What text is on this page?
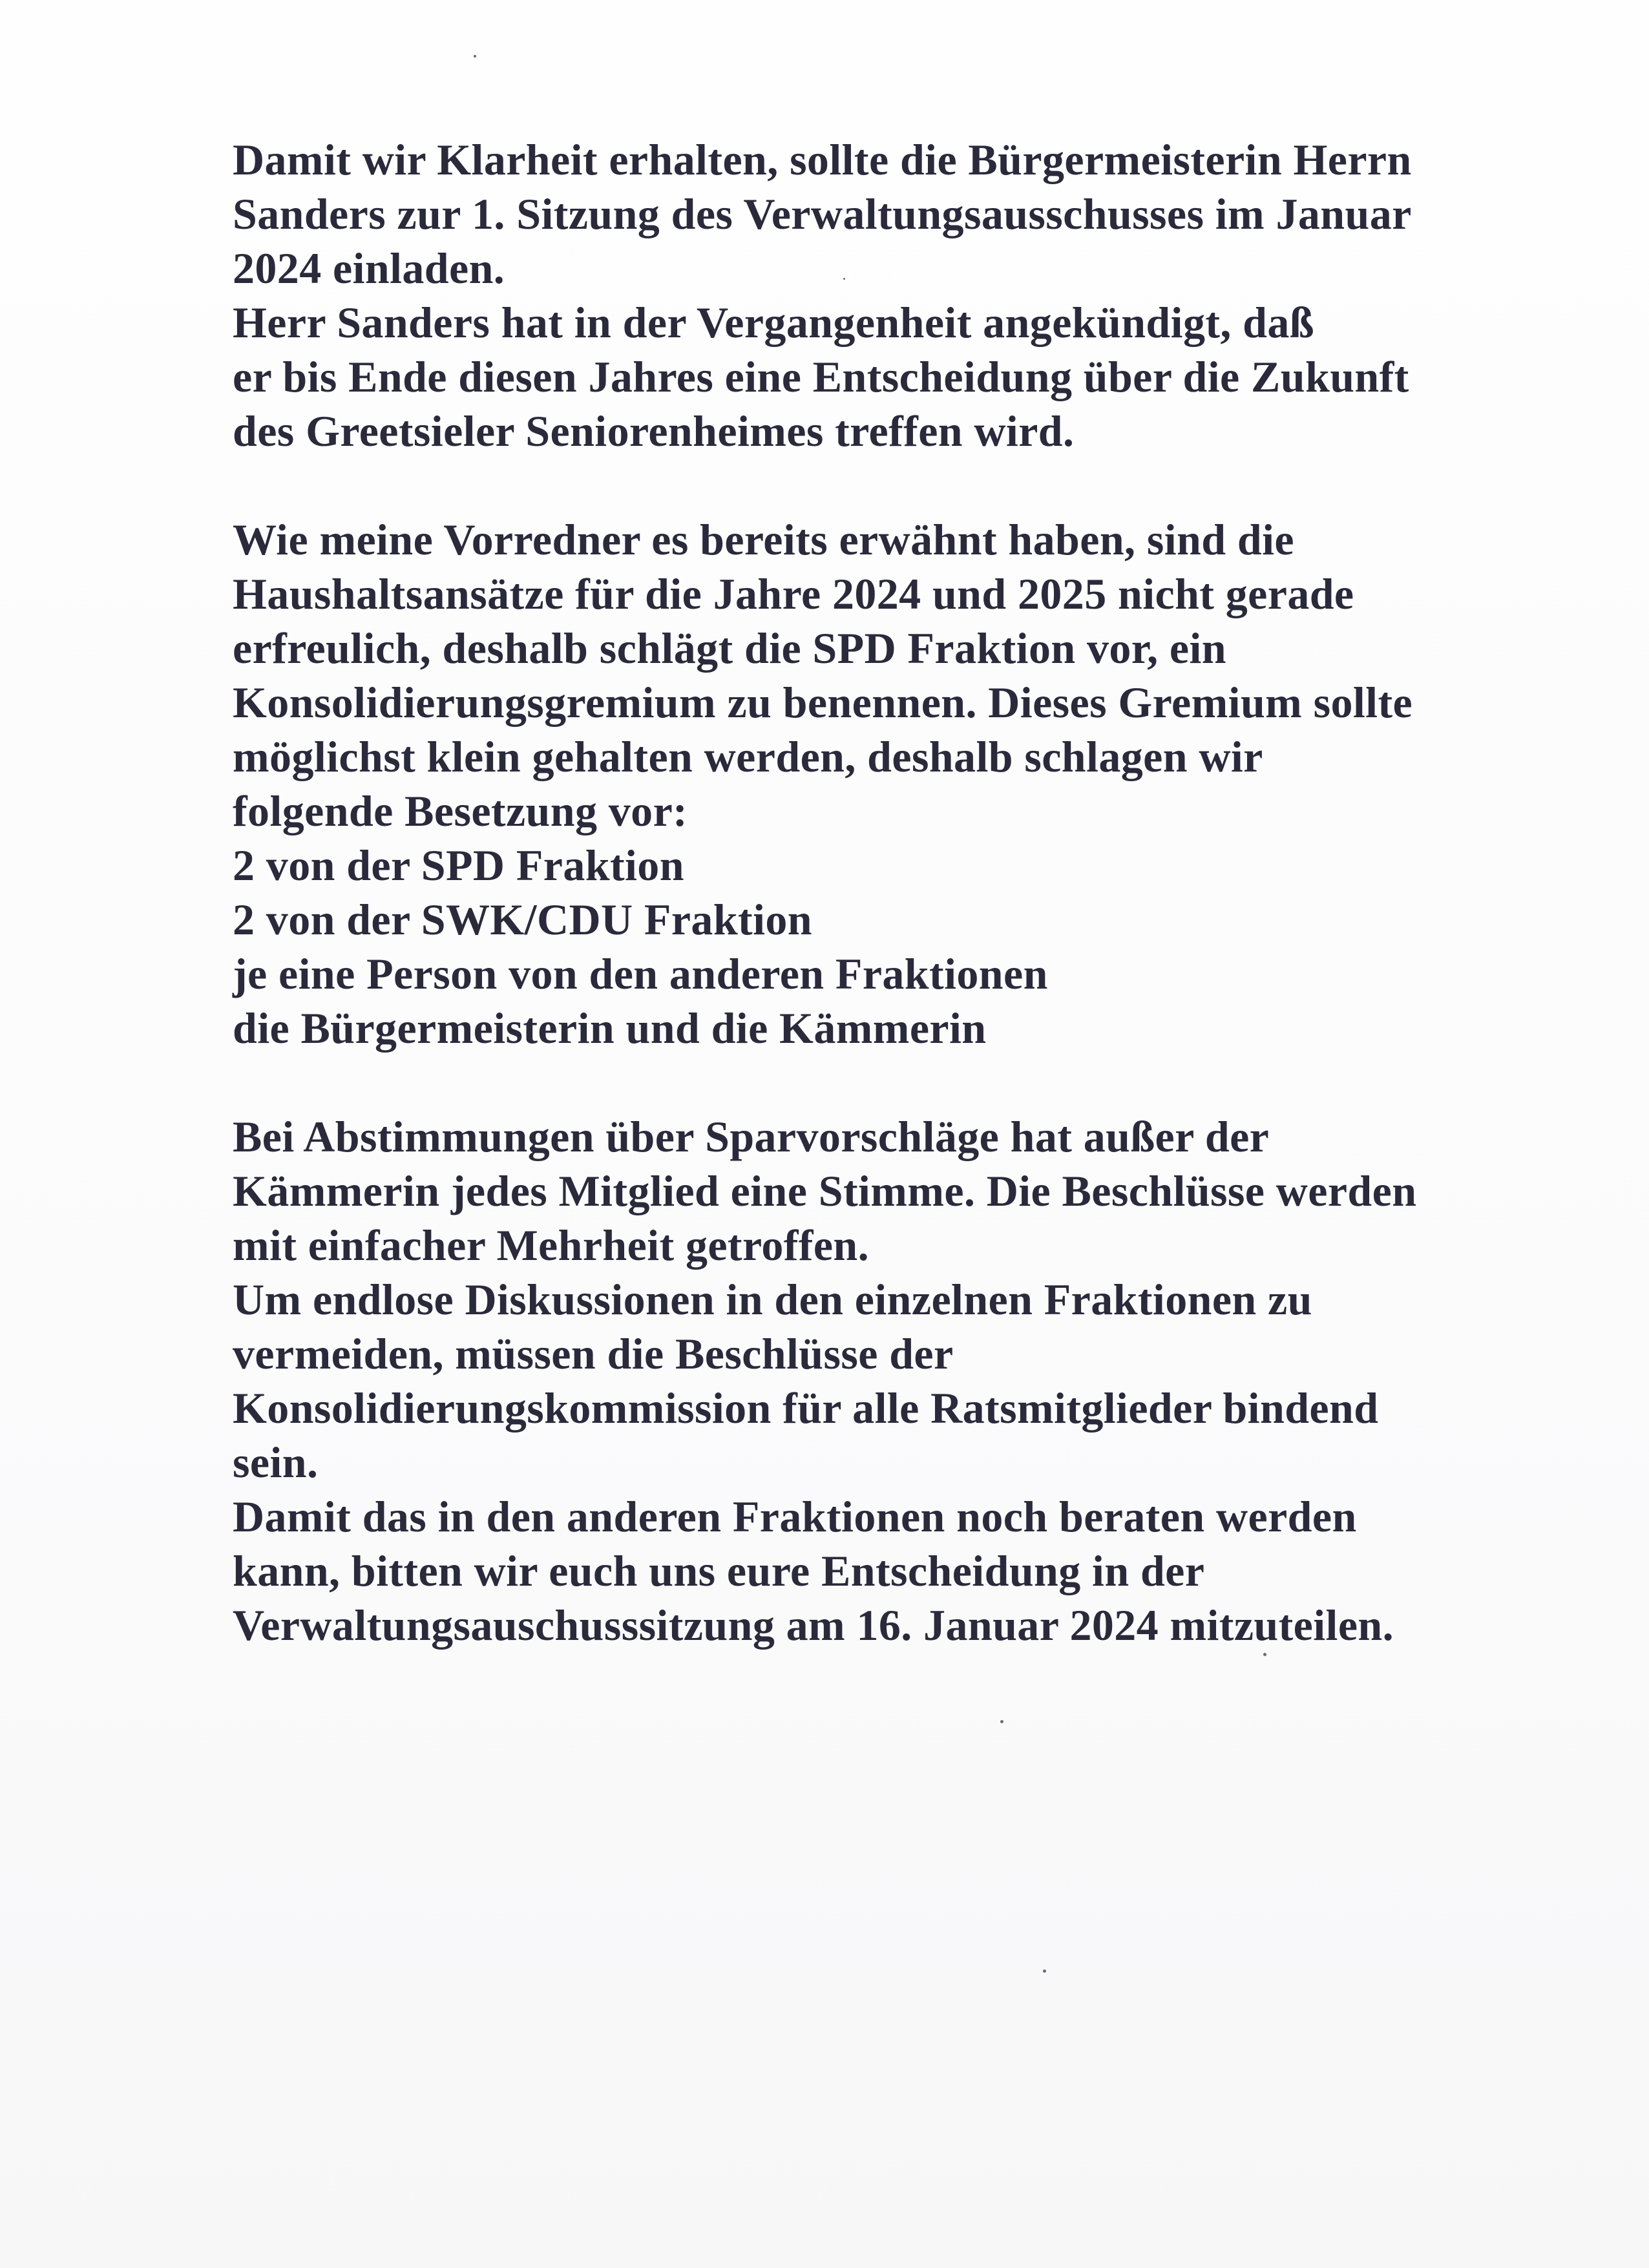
Damit wir Klarheit erhalten, sollte die Bürgermeisterin Herrn
Sanders zur 1. Sitzung des Verwaltungsausschusses im Januar
2024 einladen.
Herr Sanders hat in der Vergangenheit angekündigt, daß
er bis Ende diesen Jahres eine Entscheidung über die Zukunft
des Greetsieler Seniorenheimes treffen wird.

Wie meine Vorredner es bereits erwähnt haben, sind die
Haushaltsansätze für die Jahre 2024 und 2025 nicht gerade
erfreulich, deshalb schlägt die SPD Fraktion vor, ein
Konsolidierungsgremium zu benennen. Dieses Gremium sollte
möglichst klein gehalten werden, deshalb schlagen wir
folgende Besetzung vor:
2 von der SPD Fraktion
2 von der SWK/CDU Fraktion
je eine Person von den anderen Fraktionen
die Bürgermeisterin und die Kämmerin

Bei Abstimmungen über Sparvorschläge hat außer der
Kämmerin jedes Mitglied eine Stimme. Die Beschlüsse werden
mit einfacher Mehrheit getroffen.
Um endlose Diskussionen in den einzelnen Fraktionen zu
vermeiden, müssen die Beschlüsse der
Konsolidierungskommission für alle Ratsmitglieder bindend
sein.
Damit das in den anderen Fraktionen noch beraten werden
kann, bitten wir euch uns eure Entscheidung in der
Verwaltungsauschusssitzung am 16. Januar 2024 mitzuteilen.
